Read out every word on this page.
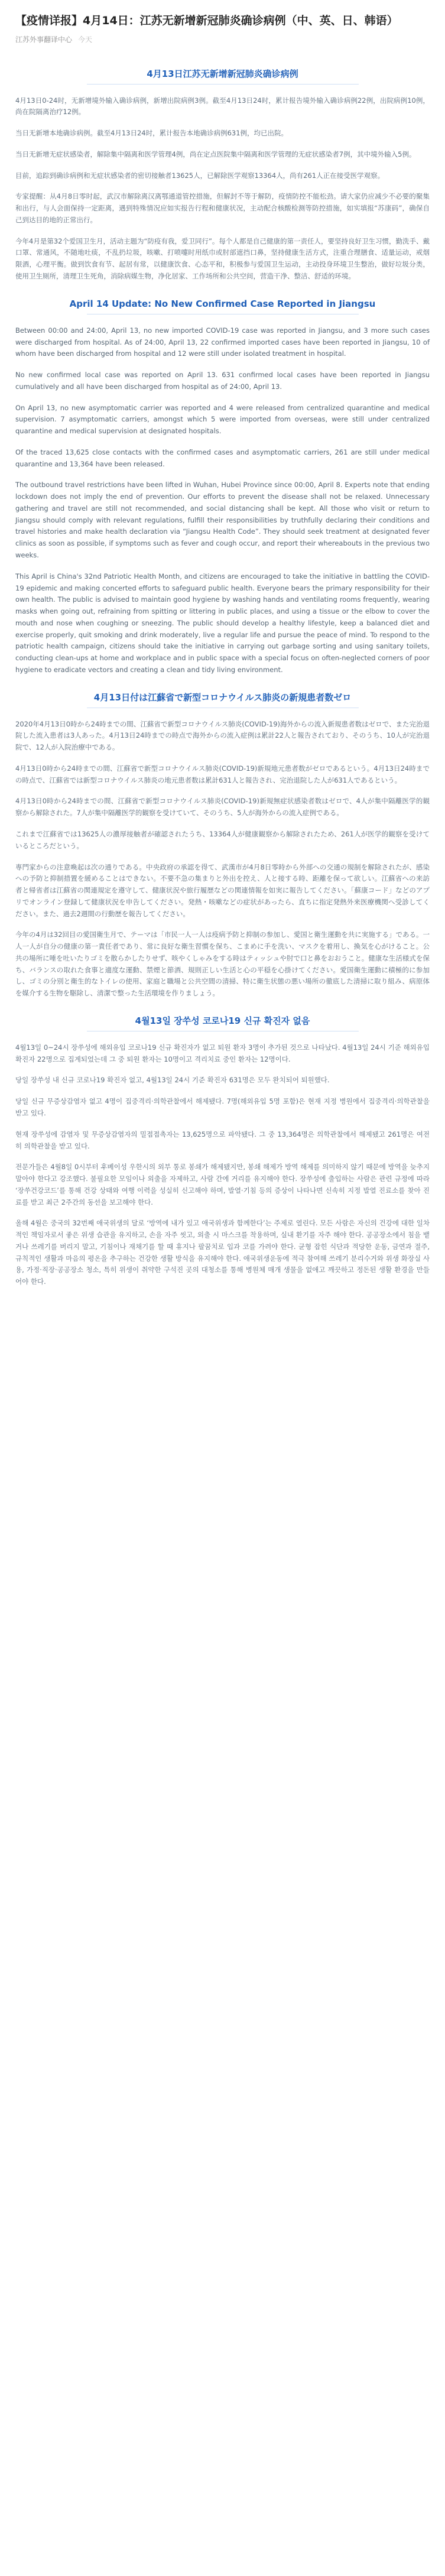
【疫情详报】4月14日：江苏无新增新冠肺炎确诊病例（中、英、日、韩语）
江苏外事翻译中心 今天
4月13日江苏无新增新冠肺炎确诊病例

4月13日0-24时，无新增境外输入确诊病例，新增出院病例3例。截至4月13日24时，累计报告境外输入确诊病例22例，出院病例10例，尚在院隔离治疗12例。

当日无新增本地确诊病例。截至4月13日24时，累计报告本地确诊病例631例，均已出院。

当日无新增无症状感染者，解除集中隔离和医学管理4例，尚在定点医院集中隔离和医学管理的无症状感染者7例，其中境外输入5例。

目前，追踪到确诊病例和无症状感染者的密切接触者13625人，已解除医学观察13364人，尚有261人正在接受医学观察。

专家提醒：从4月8日零时起，武汉市解除离汉离鄂通道管控措施，但解封不等于解防，疫情防控不能松劲。请大家仍应减少不必要的聚集和出行，与人会面保持一定距离，遇到特殊情况应如实报告行程和健康状况，主动配合核酸检测等防控措施，如实填报“苏康码”，确保自己到达目的地的正常出行。

今年4月是第32个爱国卫生月，活动主题为“防疫有我，爱卫同行”。每个人都是自己健康的第一责任人，要坚持良好卫生习惯，勤洗手、戴口罩、常通风，不随地吐痰，不乱扔垃圾，咳嗽、打喷嚏时用纸巾或肘部遮挡口鼻，坚持健康生活方式，注重合理膳食、适量运动，戒烟限酒，心理平衡。做到饮食有节、起居有常，以健康饮食、心态平和，积极参与爱国卫生运动，主动投身环境卫生整治，做好垃圾分类，使用卫生厕所，清理卫生死角，消除病媒生物，净化居家、工作场所和公共空间，营造干净、整洁、舒适的环境。

April 14 Update: No New Confirmed Case Reported in Jiangsu

Between 00:00 and 24:00, April 13, no new imported COVID-19 case was reported in Jiangsu, and 3 more such cases were discharged from hospital. As of 24:00, April 13, 22 confirmed imported cases have been reported in Jiangsu, 10 of whom have been discharged from hospital and 12 were still under isolated treatment in hospital.

No new confirmed local case was reported on April 13. 631 confirmed local cases have been reported in Jiangsu cumulatively and all have been discharged from hospital as of 24:00, April 13.

On April 13, no new asymptomatic carrier was reported and 4 were released from centralized quarantine and medical supervision. 7 asymptomatic carriers, amongst which 5 were imported from overseas, were still under centralized quarantine and medical supervision at designated hospitals.

Of the traced 13,625 close contacts with the confirmed cases and asymptomatic carriers, 261 are still under medical quarantine and 13,364 have been released.

The outbound travel restrictions have been lifted in Wuhan, Hubei Province since 00:00, April 8. Experts note that ending lockdown does not imply the end of prevention. Our efforts to prevent the disease shall not be relaxed. Unnecessary gathering and travel are still not recommended, and social distancing shall be kept. All those who visit or return to Jiangsu should comply with relevant regulations, fulfill their responsibilities by truthfully declaring their conditions and travel histories and make health declaration via “Jiangsu Health Code”. They should seek treatment at designated fever clinics as soon as possible, if symptoms such as fever and cough occur, and report their whereabouts in the previous two weeks.

This April is China's 32nd Patriotic Health Month, and citizens are encouraged to take the initiative in battling the COVID-19 epidemic and making concerted efforts to safeguard public health. Everyone bears the primary responsibility for their own health. The public is advised to maintain good hygiene by washing hands and ventilating rooms frequently, wearing masks when going out, refraining from spitting or littering in public places, and using a tissue or the elbow to cover the mouth and nose when coughing or sneezing. The public should develop a healthy lifestyle, keep a balanced diet and exercise properly, quit smoking and drink moderately, live a regular life and pursue the peace of mind. To respond to the patriotic health campaign, citizens should take the initiative in carrying out garbage sorting and using sanitary toilets, conducting clean-ups at home and workplace and in public space with a special focus on often-neglected corners of poor hygiene to eradicate vectors and creating a clean and tidy living environment.

4月13日付は江蘇省で新型コロナウイルス肺炎の新規患者数ゼロ

2020年4月13日0時から24時までの間、江蘇省で新型コロナウイルス肺炎(COVID-19)海外からの流入新規患者数はゼロで、また完治退院した流入患者は3人あった。4月13日24時までの時点で海外からの流入症例は累計22人と報告されており、そのうち、10人が完治退院で、12人が入院治療中である。

4月13日0時から24時までの間、江蘇省で新型コロナウイルス肺炎(COVID-19)新規地元患者数がゼロであるという。4月13日24時までの時点で、江蘇省では新型コロナウイルス肺炎の地元患者数は累計631人と報告され、完治退院した人が631人であるという。

4月13日0時から24時までの間、江蘇省で新型コロナウイルス肺炎(COVID-19)新規無症状感染者数はゼロで、4人が集中隔離医学的観察から解除された。7人が集中隔離医学的観察を受けていて、そのうち、5人が海外からの流入症例である。

これまで江蘇省では13625人の濃厚接触者が確認されたうち、13364人が健康観察から解除されたため、261人が医学的観察を受けているところだという。

専門家からの注意喚起は次の通りである。中央政府の承認を得て、武漢市が4月8日零時から外部への交通の規制を解除されたが、感染への予防と抑制措置を緩めることはできない。不要不急の集まりと外出を控え、人と接する時、距離を保って欲しい。江蘇省への来訪者と帰省者は江蘇省の関連規定を遵守して、健康状況や旅行履歴などの関連情報を如実に報告してください。「蘇康コード」などのアプリでオンライン登録して健康状況を申告してください。発熱・咳嗽などの症状があったら、直ちに指定発熱外来医療機関へ受診してください。また、過去2週間の行動歴を報告してください。

今年の4月は32回目の愛国衛生月で、テーマは「市民一人一人は疫病予防と抑制の参加し、愛国と衛生運動を共に実施する」である。一人一人が自分の健康の第一責任者であり、常に良好な衛生習慣を保ち、こまめに手を洗い、マスクを着用し、換気を心がけること。公共の場所に唾を吐いたりゴミを散らかしたりせず、咳やくしゃみをする時はティッシュや肘で口と鼻をおおうこと。健康な生活様式を保ち、バランスの取れた食事と適度な運動、禁煙と節酒、規則正しい生活と心の平穏を心掛けてください。愛国衛生運動に積極的に参加し、ゴミの分別と衛生的なトイレの使用、家庭と職場と公共空間の清掃、特に衛生状態の悪い場所の徹底した清掃に取り組み、病原体を媒介する生物を駆除し、清潔で整った生活環境を作りましょう。

4월13일 장쑤성 코로나19 신규 확진자 없음

4월13일 0~24시 장쑤성에 해외유입 코로나19 신규 확진자가 없고 퇴원 환자 3명이 추가된 것으로 나타났다. 4월13일 24시 기준 해외유입 확진자 22명으로 집계되었는데 그 중 퇴원 환자는 10명이고 격리치료 중인 환자는 12명이다.

당일 장쑤성 내 신규 코로나19 확진자 없고, 4월13일 24시 기준 확진자 631명은 모두 완치되어 퇴원했다.

당일 신규 무증상감염자 없고 4명이 집중격리·의학관찰에서 해제됐다. 7명(해외유입 5명 포함)은 현재 지정 병원에서 집중격리·의학관찰을 받고 있다.

현재 장쑤성에 감염자 및 무증상감염자의 밀접접촉자는 13,625명으로 파악됐다. 그 중 13,364명은 의학관찰에서 해제됐고 261명은 여전히 의학관찰을 받고 있다.

전문가들은 4월8일 0시부터 후베이성 우한시의 외부 통로 봉쇄가 해제됐지만, 봉쇄 해제가 방역 해제를 의미하지 않기 때문에 방역을 늦추지 말아야 한다고 강조했다. 불필요한 모임이나 외출을 자제하고, 사람 간에 거리를 유지해야 한다. 장쑤성에 출입하는 사람은 관련 규정에 따라 ‘장쑤건강코드’를 통해 건강 상태와 여행 이력을 성실히 신고해야 하며, 발열·기침 등의 증상이 나타나면 신속히 지정 발열 진료소를 찾아 진료를 받고 최근 2주간의 동선을 보고해야 한다.

올해 4월은 중국의 32번째 애국위생의 달로 ‘방역에 내가 있고 애국위생과 함께한다’는 주제로 열린다. 모든 사람은 자신의 건강에 대한 일차적인 책임자로서 좋은 위생 습관을 유지하고, 손을 자주 씻고, 외출 시 마스크를 착용하며, 실내 환기를 자주 해야 한다. 공공장소에서 침을 뱉거나 쓰레기를 버리지 말고, 기침이나 재채기를 할 때 휴지나 팔꿈치로 입과 코를 가려야 한다. 균형 잡힌 식단과 적당한 운동, 금연과 절주, 규칙적인 생활과 마음의 평온을 추구하는 건강한 생활 방식을 유지해야 한다. 애국위생운동에 적극 참여해 쓰레기 분리수거와 위생 화장실 사용, 가정·직장·공공장소 청소, 특히 위생이 취약한 구석진 곳의 대청소를 통해 병원체 매개 생물을 없애고 깨끗하고 정돈된 생활 환경을 만들어야 한다.
